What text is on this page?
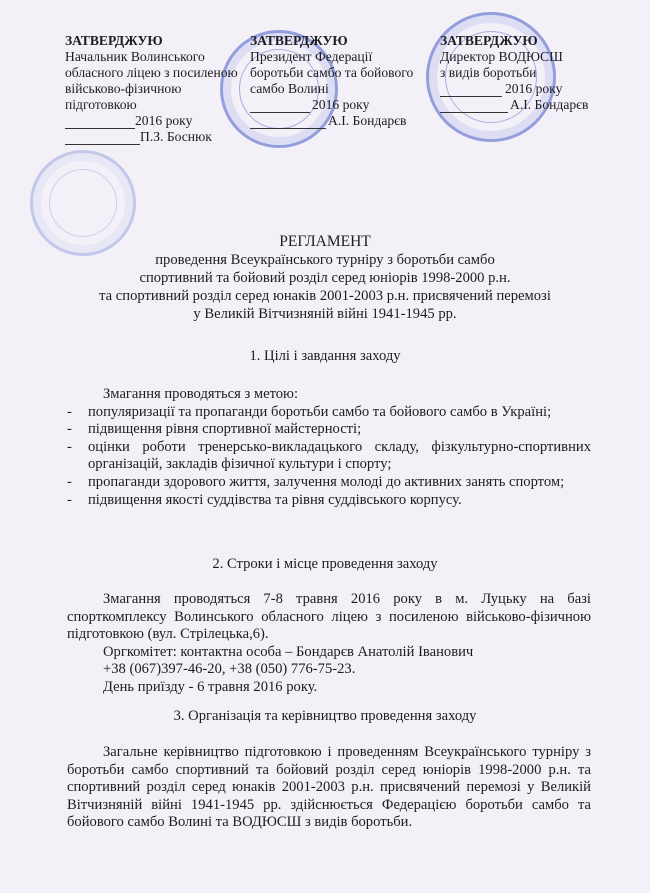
ЗАТВЕРДЖУЮ
Начальник Волинського
обласного ліцею з посиленою
військово-фізичною
підготовкою
2016 року
П.З. Боснюк
ЗАТВЕРДЖУЮ
Президент Федерації
боротьби самбо та бойового
самбо Волині
2016 року
А.І. Бондарєв
ЗАТВЕРДЖУЮ
Директор ВОДЮСШ
з видів боротьби
2016 року
А.І. Бондарєв
РЕГЛАМЕНТ
проведення Всеукраїнського турніру з боротьби самбо
спортивний та бойовий розділ серед юніорів 1998-2000 р.н.
та спортивний розділ серед юнаків 2001-2003 р.н. присвячений перемозі
у Великій Вітчизняній війні 1941-1945 рр.
1. Цілі і завдання заходу
Змагання проводяться з метою:
- популяризації та пропаганди боротьби самбо та бойового самбо в Україні;
- підвищення рівня спортивної майстерності;
- оцінки роботи тренерсько-викладацького складу, фізкультурно-спортивних організацій, закладів фізичної культури і спорту;
- пропаганди здорового життя, залучення молоді до активних занять спортом;
- підвищення якості суддівства та рівня суддівського корпусу.
2. Строки і місце проведення заходу
Змагання проводяться 7-8 травня 2016 року в м. Луцьку на базі спорткомплексу Волинського обласного ліцею з посиленою військово-фізичною підготовкою (вул. Стрілецька,6).
Оргкомітет: контактна особа – Бондарєв Анатолій Іванович
+38 (067)397-46-20, +38 (050) 776-75-23.
День приїзду - 6 травня 2016 року.
3. Організація та керівництво проведення заходу
Загальне керівництво підготовкою і проведенням Всеукраїнського турніру з боротьби самбо спортивний та бойовий розділ серед юніорів 1998-2000 р.н. та спортивний розділ серед юнаків 2001-2003 р.н. присвячений перемозі у Великій Вітчизняній війні 1941-1945 рр. здійснюється Федерацією боротьби самбо та бойового самбо Волині та ВОДЮСШ з видів боротьби.
